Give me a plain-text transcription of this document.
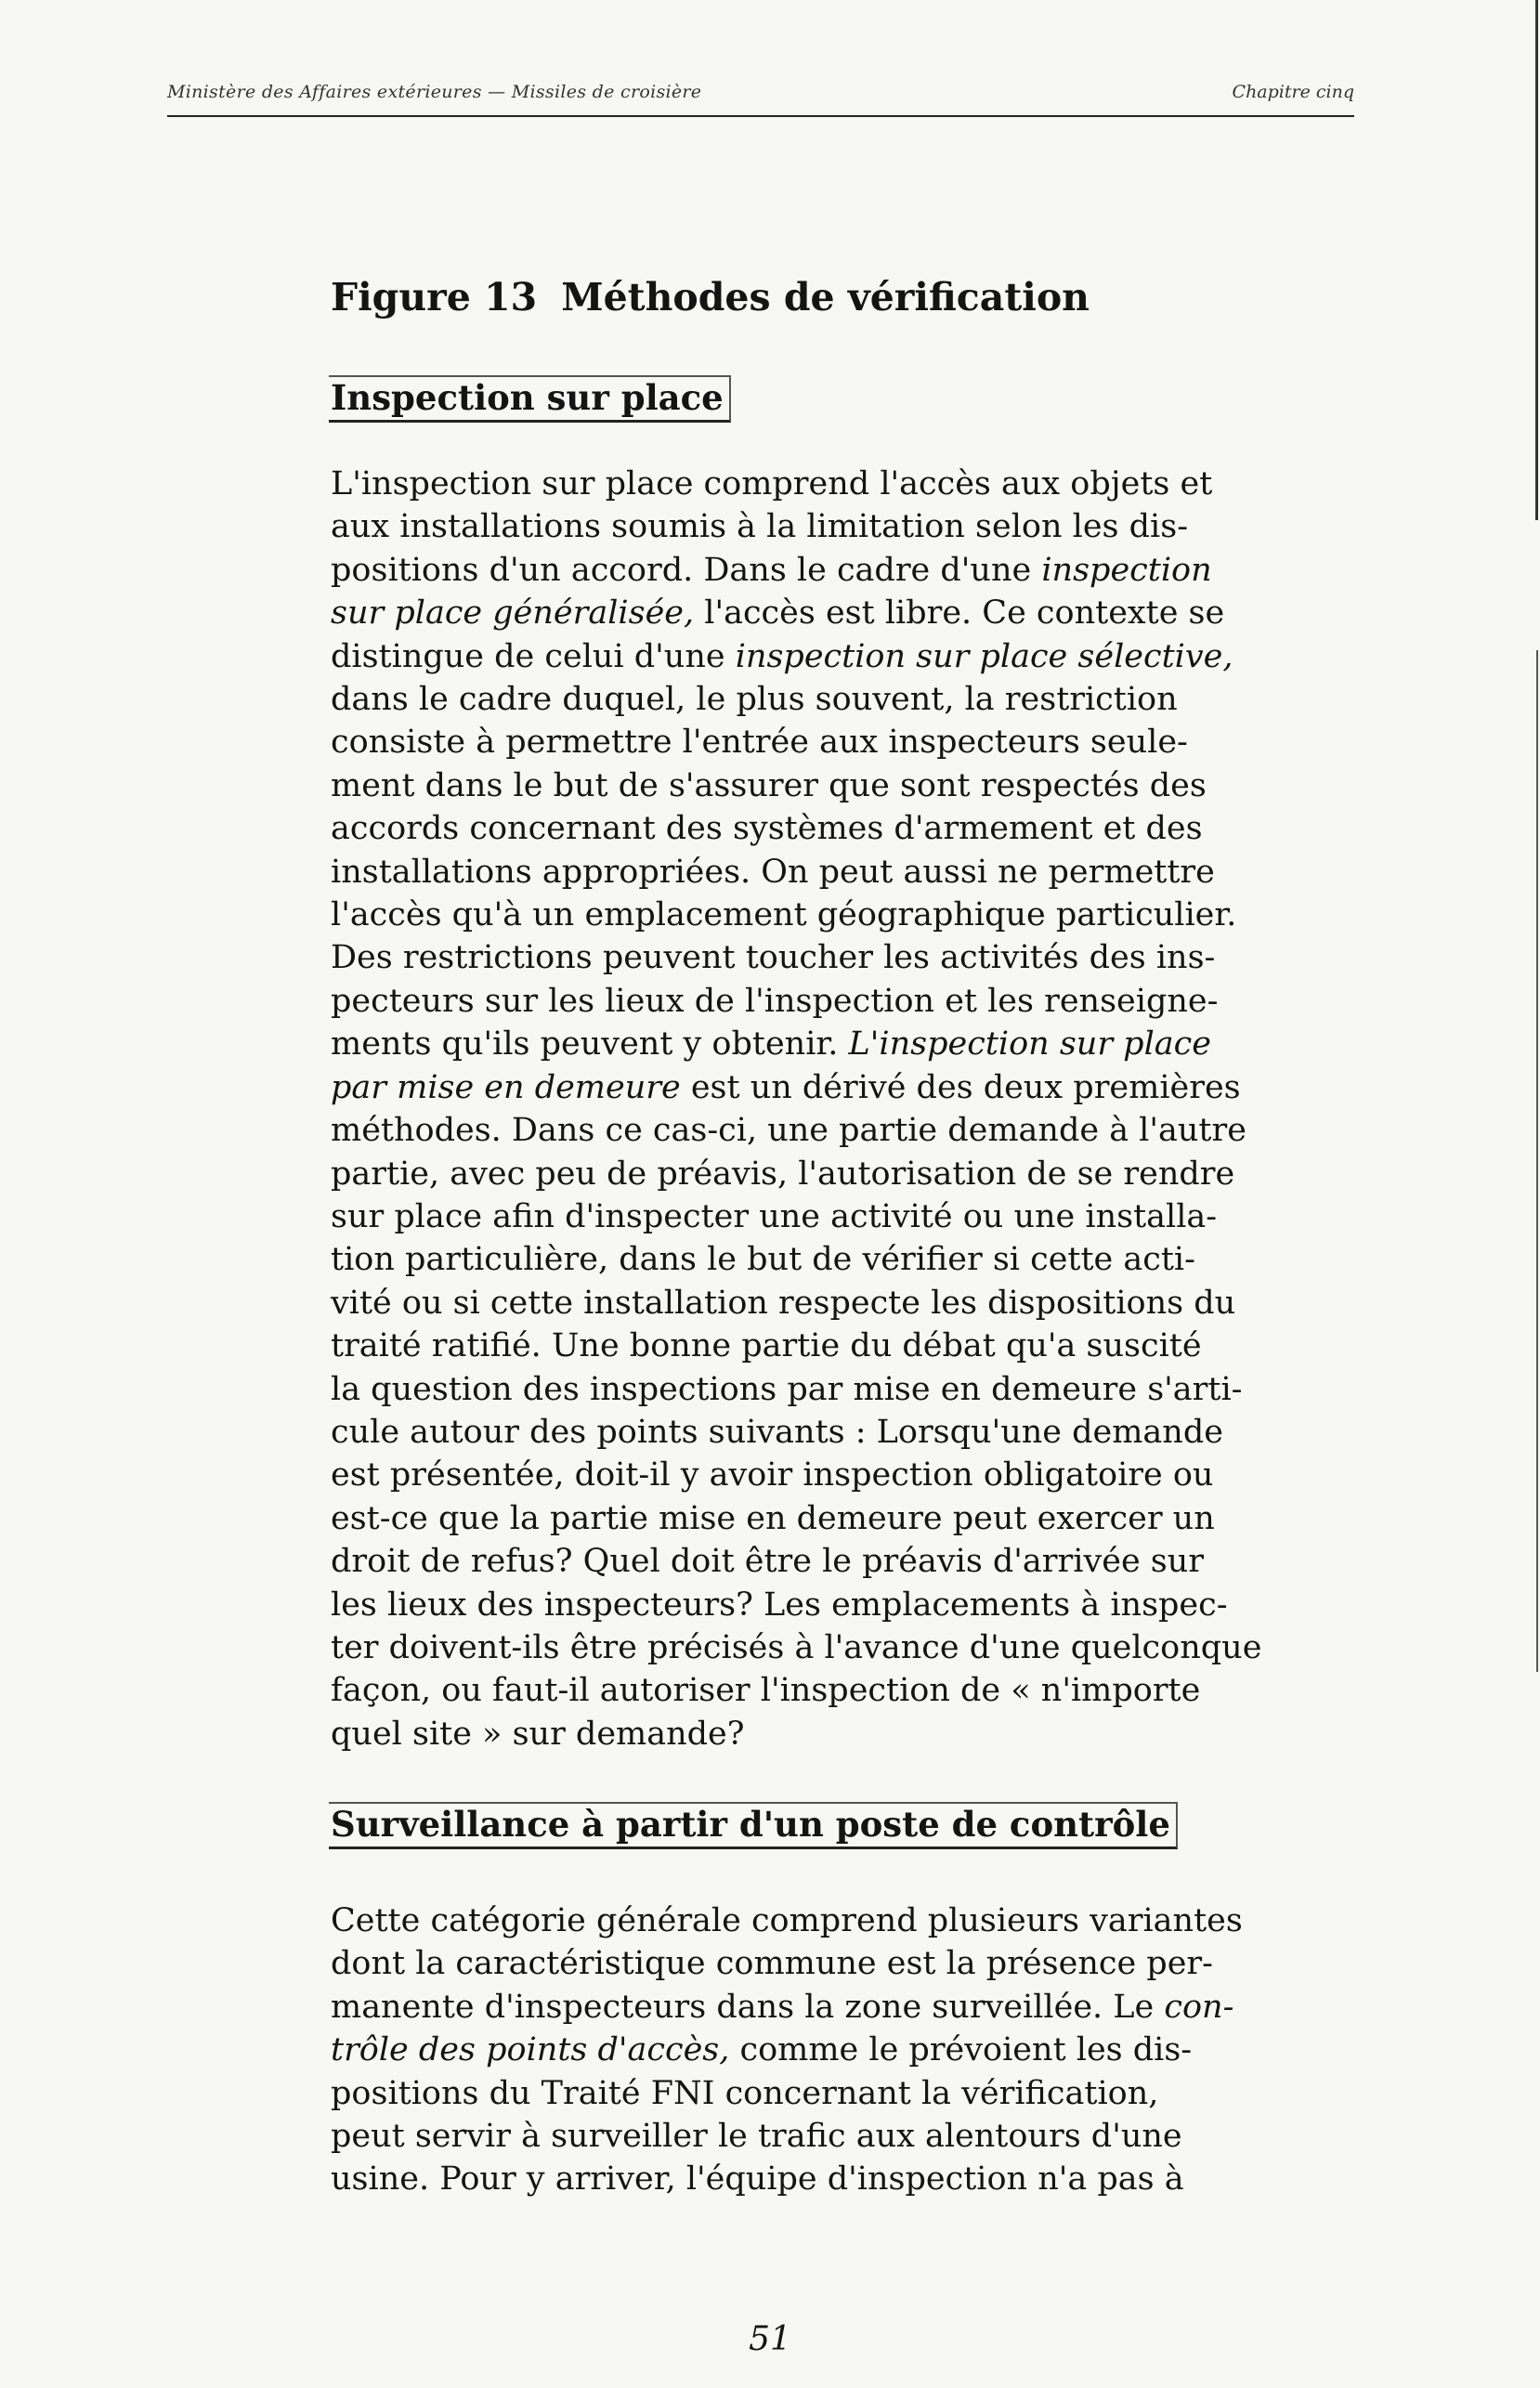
Ministère des Affaires extérieures — Missiles de croisière	Chapitre cinq
Figure 13 Méthodes de vérification
Inspection sur place
L'inspection sur place comprend l'accès aux objets et
aux installations soumis à la limitation selon les dis-
positions d'un accord. Dans le cadre d'une inspection
sur place généralisée, l'accès est libre. Ce contexte se
distingue de celui d'une inspection sur place sélective,
dans le cadre duquel, le plus souvent, la restriction
consiste à permettre l'entrée aux inspecteurs seule-
ment dans le but de s'assurer que sont respectés des
accords concernant des systèmes d'armement et des
installations appropriées. On peut aussi ne permettre
l'accès qu'à un emplacement géographique particulier.
Des restrictions peuvent toucher les activités des ins-
pecteurs sur les lieux de l'inspection et les renseigne-
ments qu'ils peuvent y obtenir. L'inspection sur place
par mise en demeure est un dérivé des deux premières
méthodes. Dans ce cas-ci, une partie demande à l'autre
partie, avec peu de préavis, l'autorisation de se rendre
sur place afin d'inspecter une activité ou une installa-
tion particulière, dans le but de vérifier si cette acti-
vité ou si cette installation respecte les dispositions du
traité ratifié. Une bonne partie du débat qu'a suscité
la question des inspections par mise en demeure s'arti-
cule autour des points suivants : Lorsqu'une demande
est présentée, doit-il y avoir inspection obligatoire ou
est-ce que la partie mise en demeure peut exercer un
droit de refus? Quel doit être le préavis d'arrivée sur
les lieux des inspecteurs? Les emplacements à inspec-
ter doivent-ils être précisés à l'avance d'une quelconque
façon, ou faut-il autoriser l'inspection de « n'importe
quel site » sur demande?
Surveillance à partir d'un poste de contrôle
Cette catégorie générale comprend plusieurs variantes
dont la caractéristique commune est la présence per-
manente d'inspecteurs dans la zone surveillée. Le con-
trôle des points d'accès, comme le prévoient les dis-
positions du Traité FNI concernant la vérification,
peut servir à surveiller le trafic aux alentours d'une
usine. Pour y arriver, l'équipe d'inspection n'a pas à
51
